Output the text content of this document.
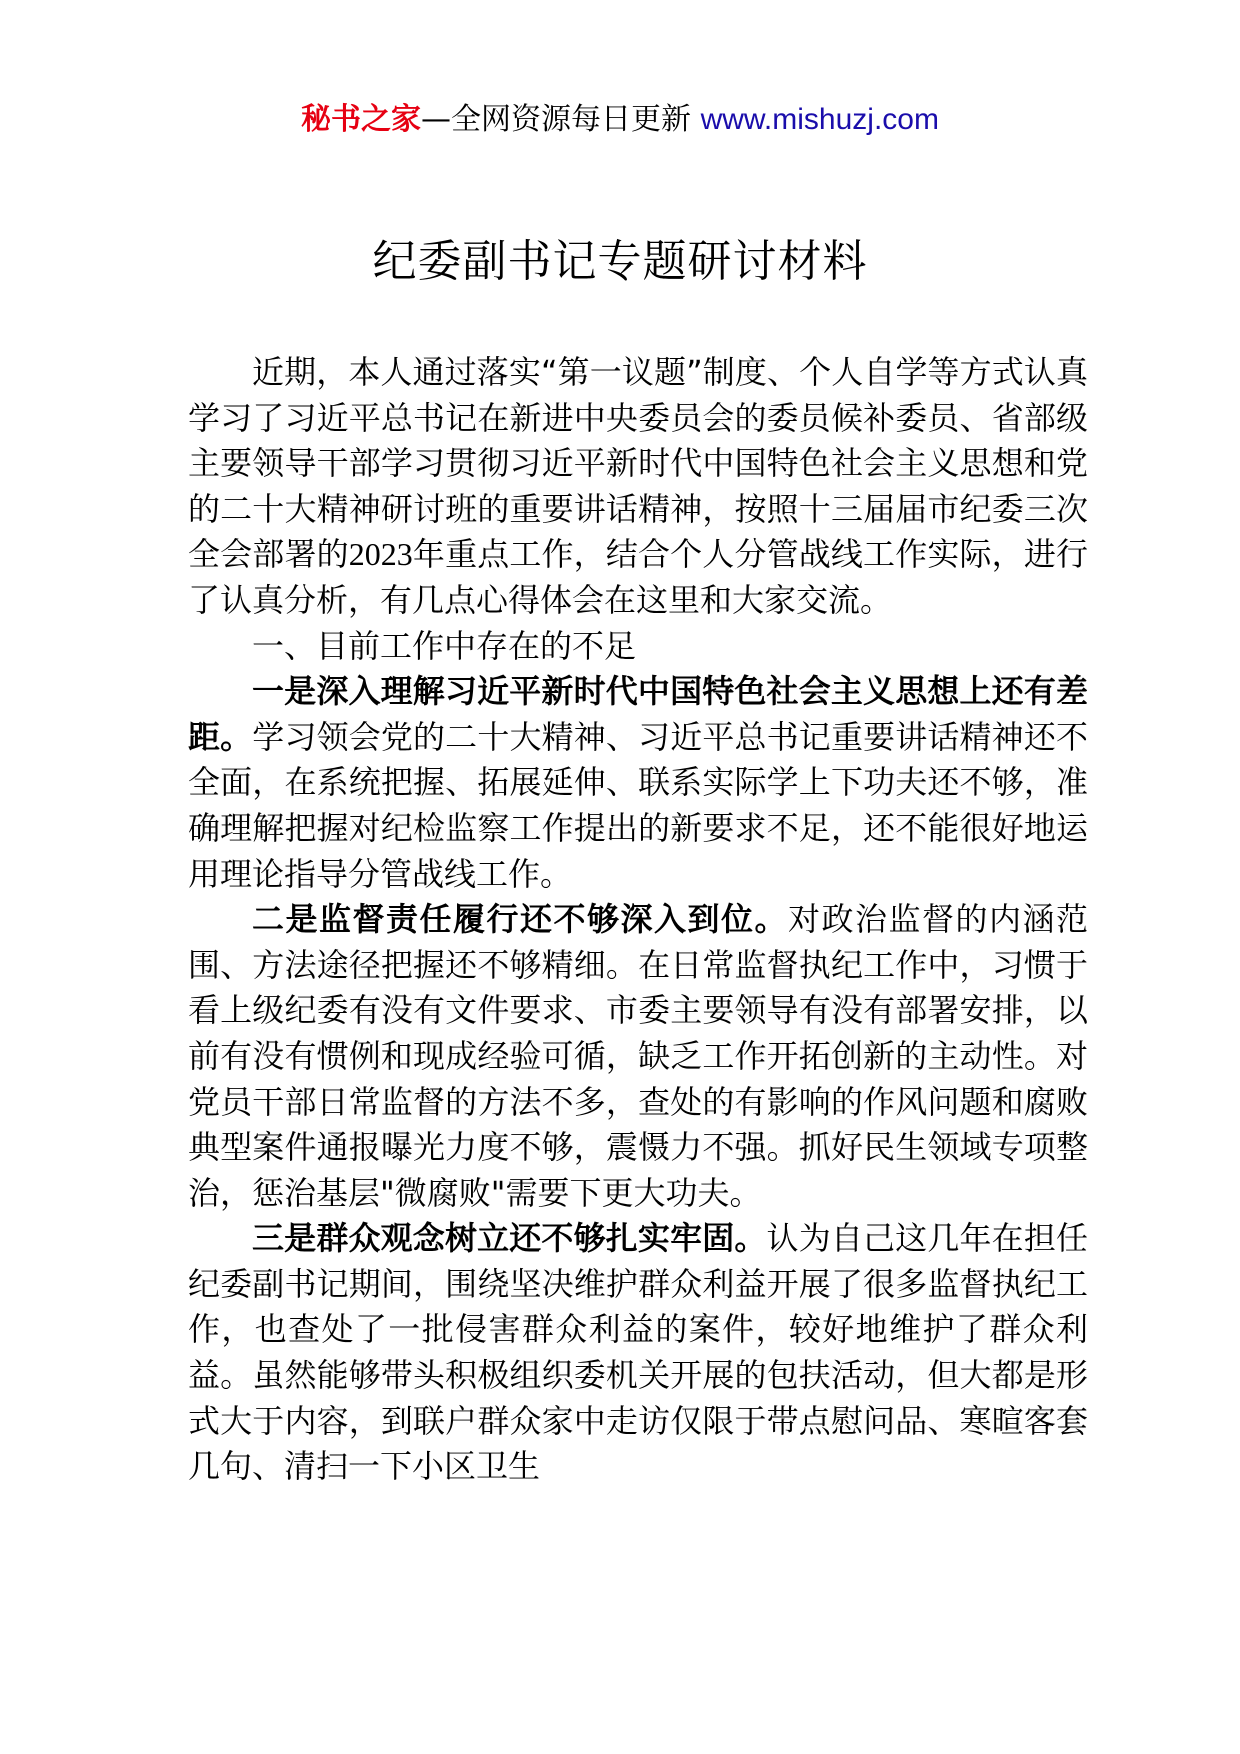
秘书之家—全网资源每日更新 www.mishuzj.com
纪委副书记专题研讨材料

近期，本人通过落实“第一议题”制度、个人自学等方式认真学习了习近平总书记在新进中央委员会的委员候补委员、省部级主要领导干部学习贯彻习近平新时代中国特色社会主义思想和党的二十大精神研讨班的重要讲话精神，按照十三届届市纪委三次全会部署的2023年重点工作，结合个人分管战线工作实际，进行了认真分析，有几点心得体会在这里和大家交流。

一、目前工作中存在的不足

一是深入理解习近平新时代中国特色社会主义思想上还有差距。学习领会党的二十大精神、习近平总书记重要讲话精神还不全面，在系统把握、拓展延伸、联系实际学上下功夫还不够，准确理解把握对纪检监察工作提出的新要求不足，还不能很好地运用理论指导分管战线工作。

二是监督责任履行还不够深入到位。对政治监督的内涵范围、方法途径把握还不够精细。在日常监督执纪工作中，习惯于看上级纪委有没有文件要求、市委主要领导有没有部署安排，以前有没有惯例和现成经验可循，缺乏工作开拓创新的主动性。对党员干部日常监督的方法不多，查处的有影响的作风问题和腐败典型案件通报曝光力度不够，震慑力不强。抓好民生领域专项整治，惩治基层"微腐败"需要下更大功夫。

三是群众观念树立还不够扎实牢固。认为自己这几年在担任纪委副书记期间，围绕坚决维护群众利益开展了很多监督执纪工作，也查处了一批侵害群众利益的案件，较好地维护了群众利益。虽然能够带头积极组织委机关开展的包扶活动，但大都是形式大于内容，到联户群众家中走访仅限于带点慰问品、寒暄客套几句、清扫一下小区卫生
